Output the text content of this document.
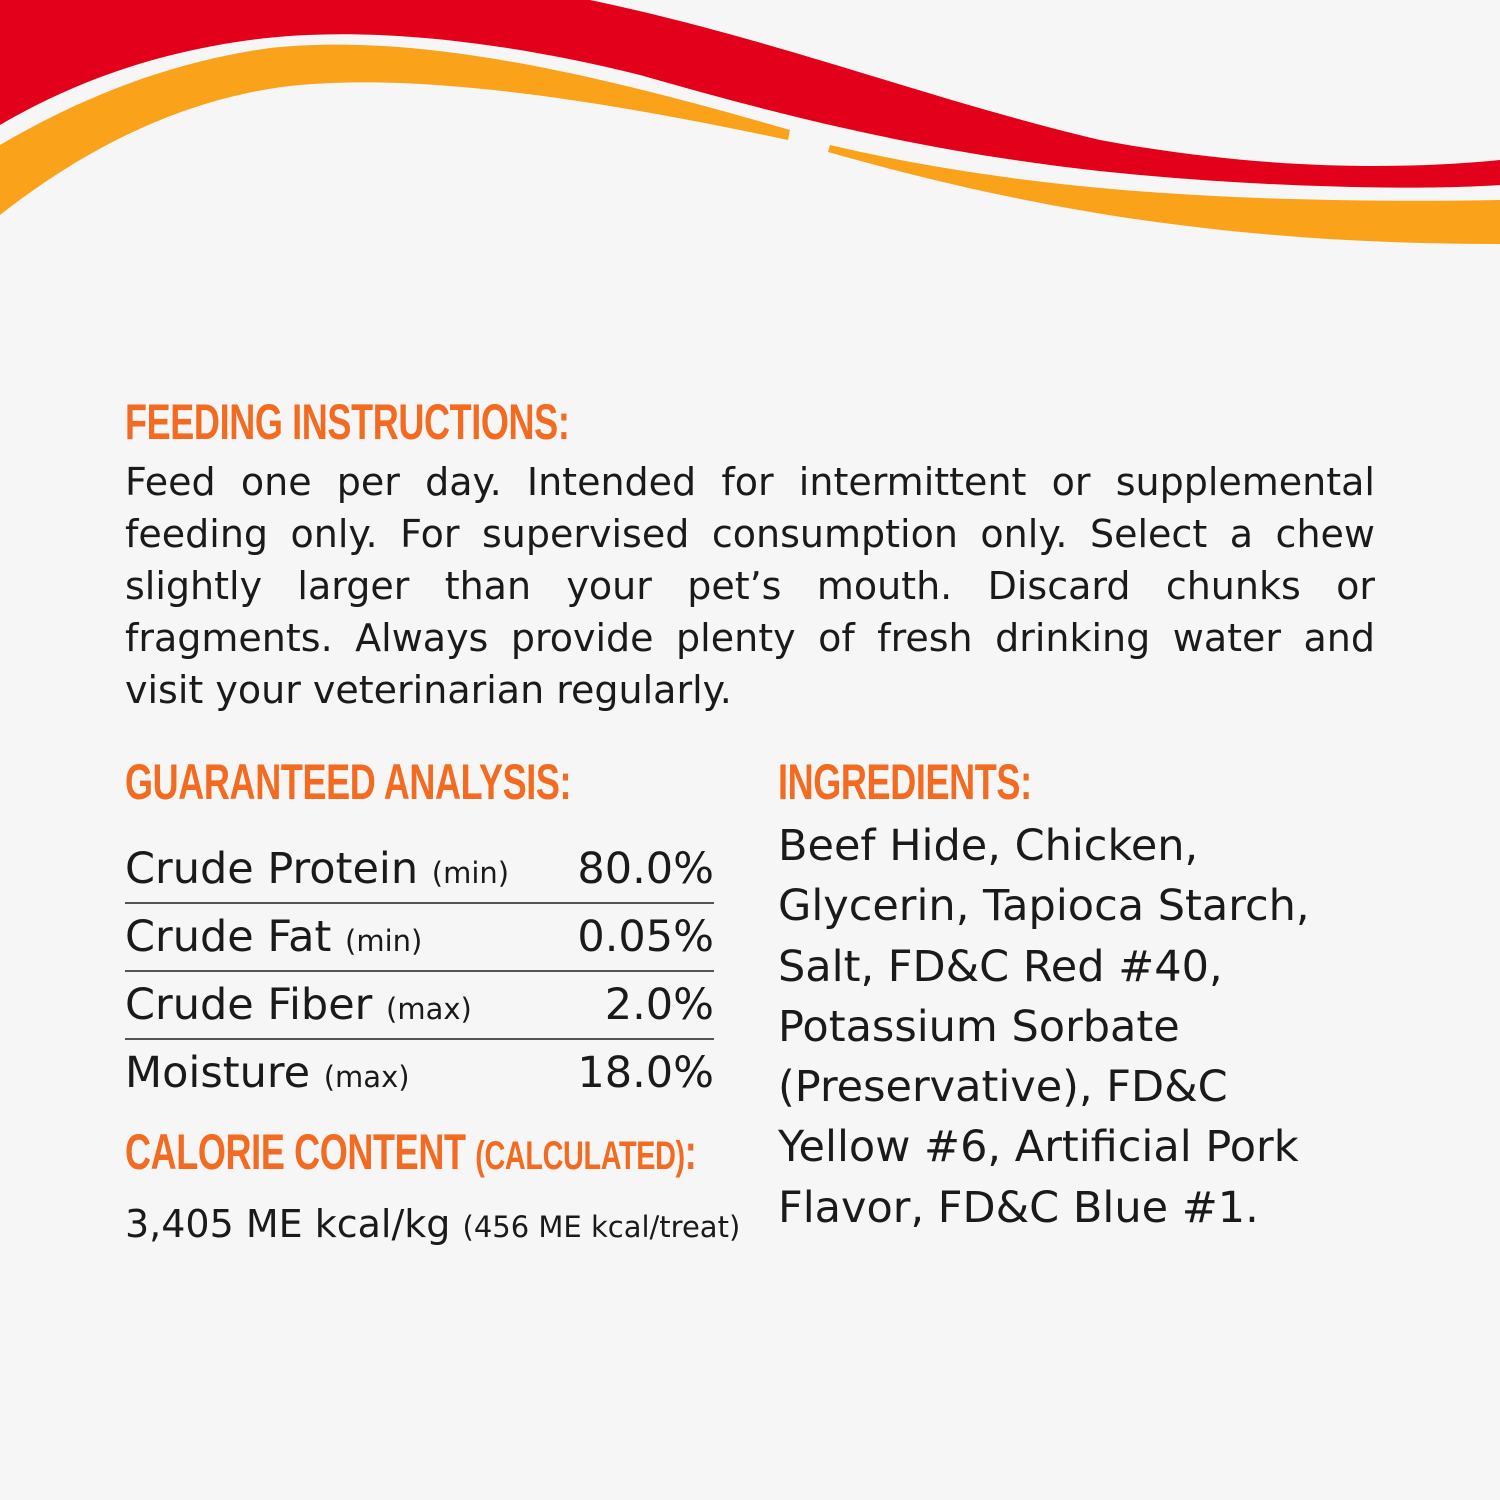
FEEDING INSTRUCTIONS:

Feed one per day. Intended for intermittent or supplemental feeding only. For supervised consumption only. Select a chew slightly larger than your pet’s mouth. Discard chunks or fragments. Always provide plenty of fresh drinking water and visit your veterinarian regularly.

GUARANTEED ANALYSIS:
Crude Protein (min) 80.0%
Crude Fat (min)	0.05%
Crude Fiber (max)	2.0%
Moisture (max)	18.0%
CALORIE CONTENT (CALCULATED):

3,405 ME kcal/kg (456 ME kcal/treat)

INGREDIENTS:
Beef Hide, Chicken,
Glycerin, Tapioca Starch,
Salt, FD&C Red #40,
Potassium Sorbate
(Preservative), FD&C
Yellow #6, Artificial Pork
Flavor, FD&C Blue #1.
